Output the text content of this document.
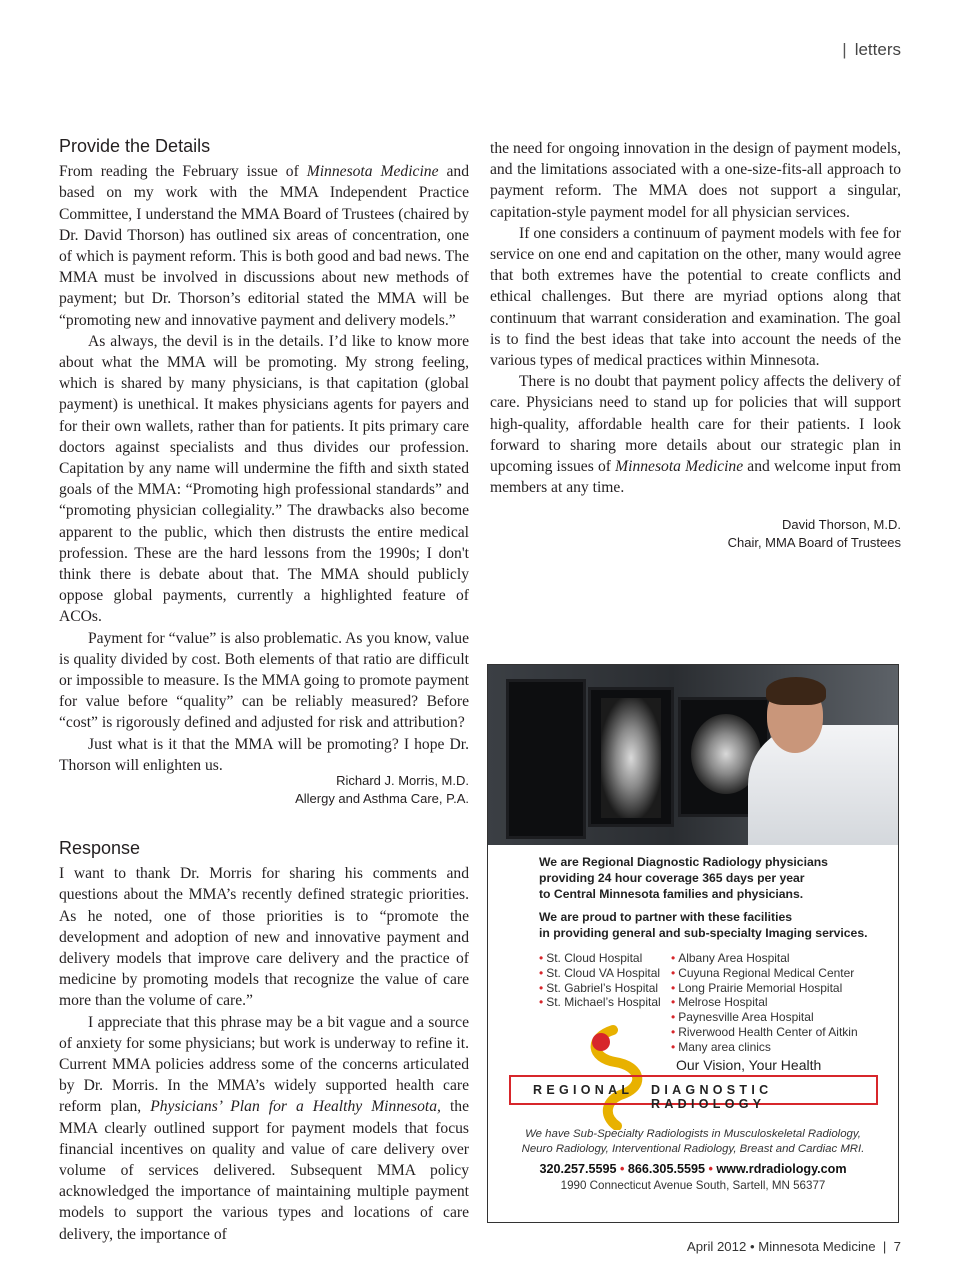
| letters
Provide the Details

From reading the February issue of Minnesota Medicine and based on my work with the MMA Independent Practice Committee, I understand the MMA Board of Trustees (chaired by Dr. David Thorson) has outlined six areas of concentration, one of which is payment reform. This is both good and bad news. The MMA must be involved in discussions about new methods of payment; but Dr. Thorson’s editorial stated the MMA will be “promoting new and innovative payment and delivery models.”

As always, the devil is in the details. I’d like to know more about what the MMA will be promoting. My strong feeling, which is shared by many physicians, is that capitation (global payment) is unethical. It makes physicians agents for payers and for their own wallets, rather than for patients. It pits primary care doctors against specialists and thus divides our profession. Capitation by any name will undermine the fifth and sixth stated goals of the MMA: “Promoting high professional standards” and “promoting physician collegiality.” The drawbacks also become apparent to the public, which then distrusts the entire medical profession. These are the hard lessons from the 1990s; I don't think there is debate about that. The MMA should publicly oppose global payments, currently a highlighted feature of ACOs.

Payment for “value” is also problematic. As you know, value is quality divided by cost. Both elements of that ratio are difficult or impossible to measure. Is the MMA going to promote payment for value before “quality” can be reliably measured? Before “cost” is rigorously defined and adjusted for risk and attribution?

Just what is it that the MMA will be promoting? I hope Dr. Thorson will enlighten us.

Richard J. Morris, M.D.
Allergy and Asthma Care, P.A.
Response

I want to thank Dr. Morris for sharing his comments and questions about the MMA’s recently defined strategic priorities. As he noted, one of those priorities is to “promote the development and adoption of new and innovative payment and delivery models that improve care delivery and the practice of medicine by promoting models that recognize the value of care more than the volume of care.”

I appreciate that this phrase may be a bit vague and a source of anxiety for some physicians; but work is underway to refine it. Current MMA policies address some of the concerns articulated by Dr. Morris. In the MMA’s widely supported health care reform plan, Physicians’ Plan for a Healthy Minnesota, the MMA clearly outlined support for payment models that focus financial incentives on quality and value of care delivery over volume of services delivered. Subsequent MMA policy acknowledged the importance of maintaining multiple payment models to support the various types and locations of care delivery, the importance of

the need for ongoing innovation in the design of payment models, and the limitations associated with a one-size-fits-all approach to payment reform. The MMA does not support a singular, capitation-style payment model for all physician services.

If one considers a continuum of payment models with fee for service on one end and capitation on the other, many would agree that both extremes have the potential to create conflicts and ethical challenges. But there are myriad options along that continuum that warrant consideration and examination. The goal is to find the best ideas that take into account the needs of the various types of medical practices within Minnesota.

There is no doubt that payment policy affects the delivery of care. Physicians need to stand up for policies that will support high-quality, affordable health care for their patients. I look forward to sharing more details about our strategic plan in upcoming issues of Minnesota Medicine and welcome input from members at any time.

David Thorson, M.D.
Chair, MMA Board of Trustees
We are Regional Diagnostic Radiology physicians
providing 24 hour coverage 365 days per year
to Central Minnesota families and physicians.
We are proud to partner with these facilities
in providing general and sub-specialty Imaging services.
• St. Cloud Hospital
• St. Cloud VA Hospital
• St. Gabriel’s Hospital
• St. Michael’s Hospital
• Albany Area Hospital
• Cuyuna Regional Medical Center
• Long Prairie Memorial Hospital
• Melrose Hospital
• Paynesville Area Hospital
• Riverwood Health Center of Aitkin
• Many area clinics
Our Vision, Your Health
REGIONAL DIAGNOSTIC RADIOLOGY
We have Sub-Specialty Radiologists in Musculoskeletal Radiology,
Neuro Radiology, Interventional Radiology, Breast and Cardiac MRI.
320.257.5595 • 866.305.5595 • www.rdradiology.com
1990 Connecticut Avenue South, Sartell, MN 56377
April 2012 • Minnesota Medicine  |  7
